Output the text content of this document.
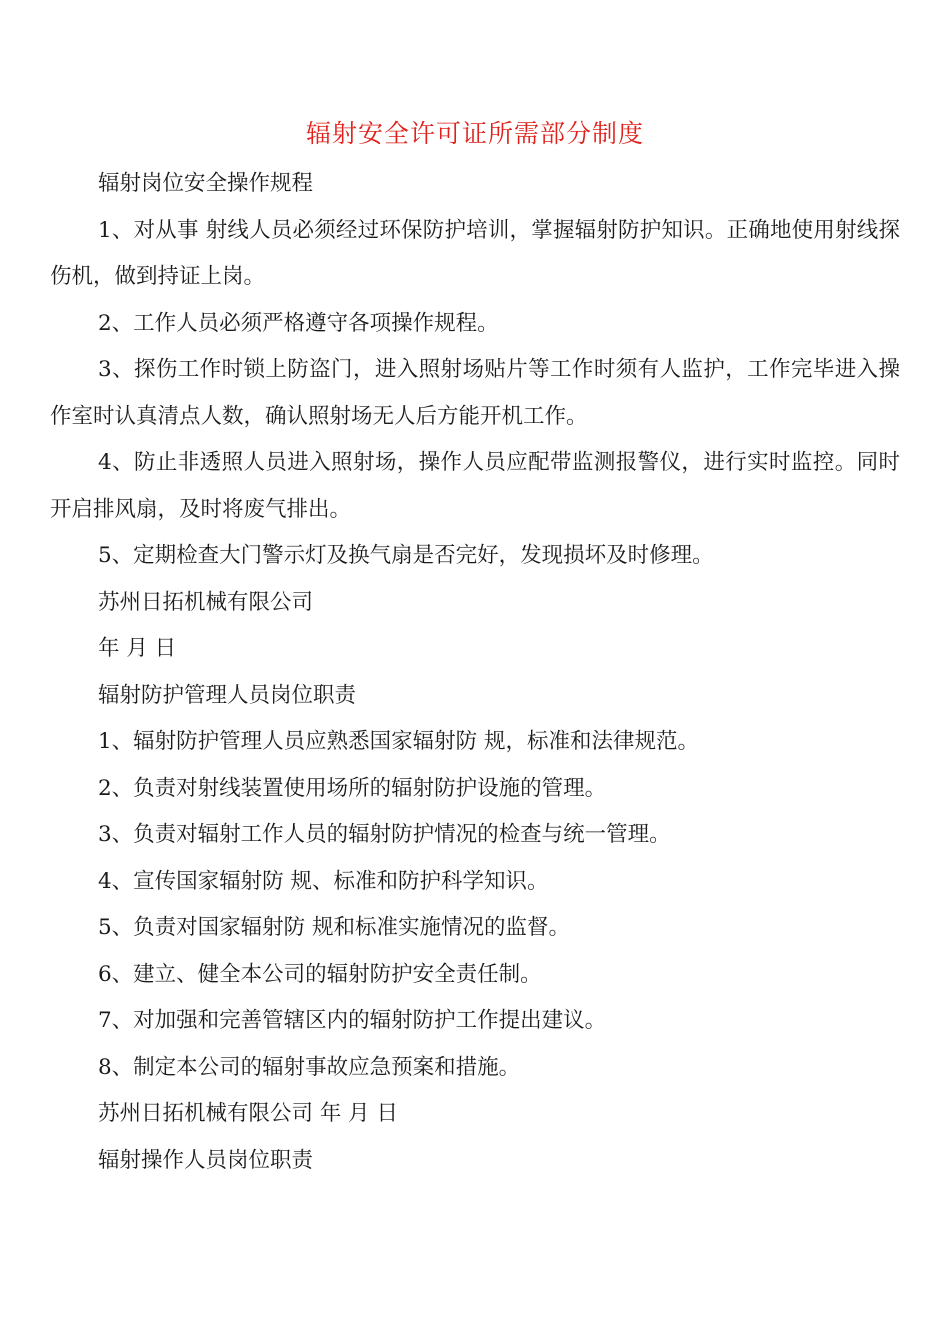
辐射安全许可证所需部分制度

辐射岗位安全操作规程

1、对从事 射线人员必须经过环保防护培训，掌握辐射防护知识。正确地使用射线探伤机，做到持证上岗。

2、工作人员必须严格遵守各项操作规程。

3、探伤工作时锁上防盗门，进入照射场贴片等工作时须有人监护，工作完毕进入操作室时认真清点人数，确认照射场无人后方能开机工作。

4、防止非透照人员进入照射场，操作人员应配带监测报警仪，进行实时监控。同时开启排风扇，及时将废气排出。

5、定期检查大门警示灯及换气扇是否完好，发现损坏及时修理。

苏州日拓机械有限公司

年 月 日

辐射防护管理人员岗位职责

1、辐射防护管理人员应熟悉国家辐射防 规，标准和法律规范。

2、负责对射线装置使用场所的辐射防护设施的管理。

3、负责对辐射工作人员的辐射防护情况的检查与统一管理。

4、宣传国家辐射防 规、标准和防护科学知识。

5、负责对国家辐射防 规和标准实施情况的监督。

6、建立、健全本公司的辐射防护安全责任制。

7、对加强和完善管辖区内的辐射防护工作提出建议。

8、制定本公司的辐射事故应急预案和措施。

苏州日拓机械有限公司 年 月 日

辐射操作人员岗位职责
